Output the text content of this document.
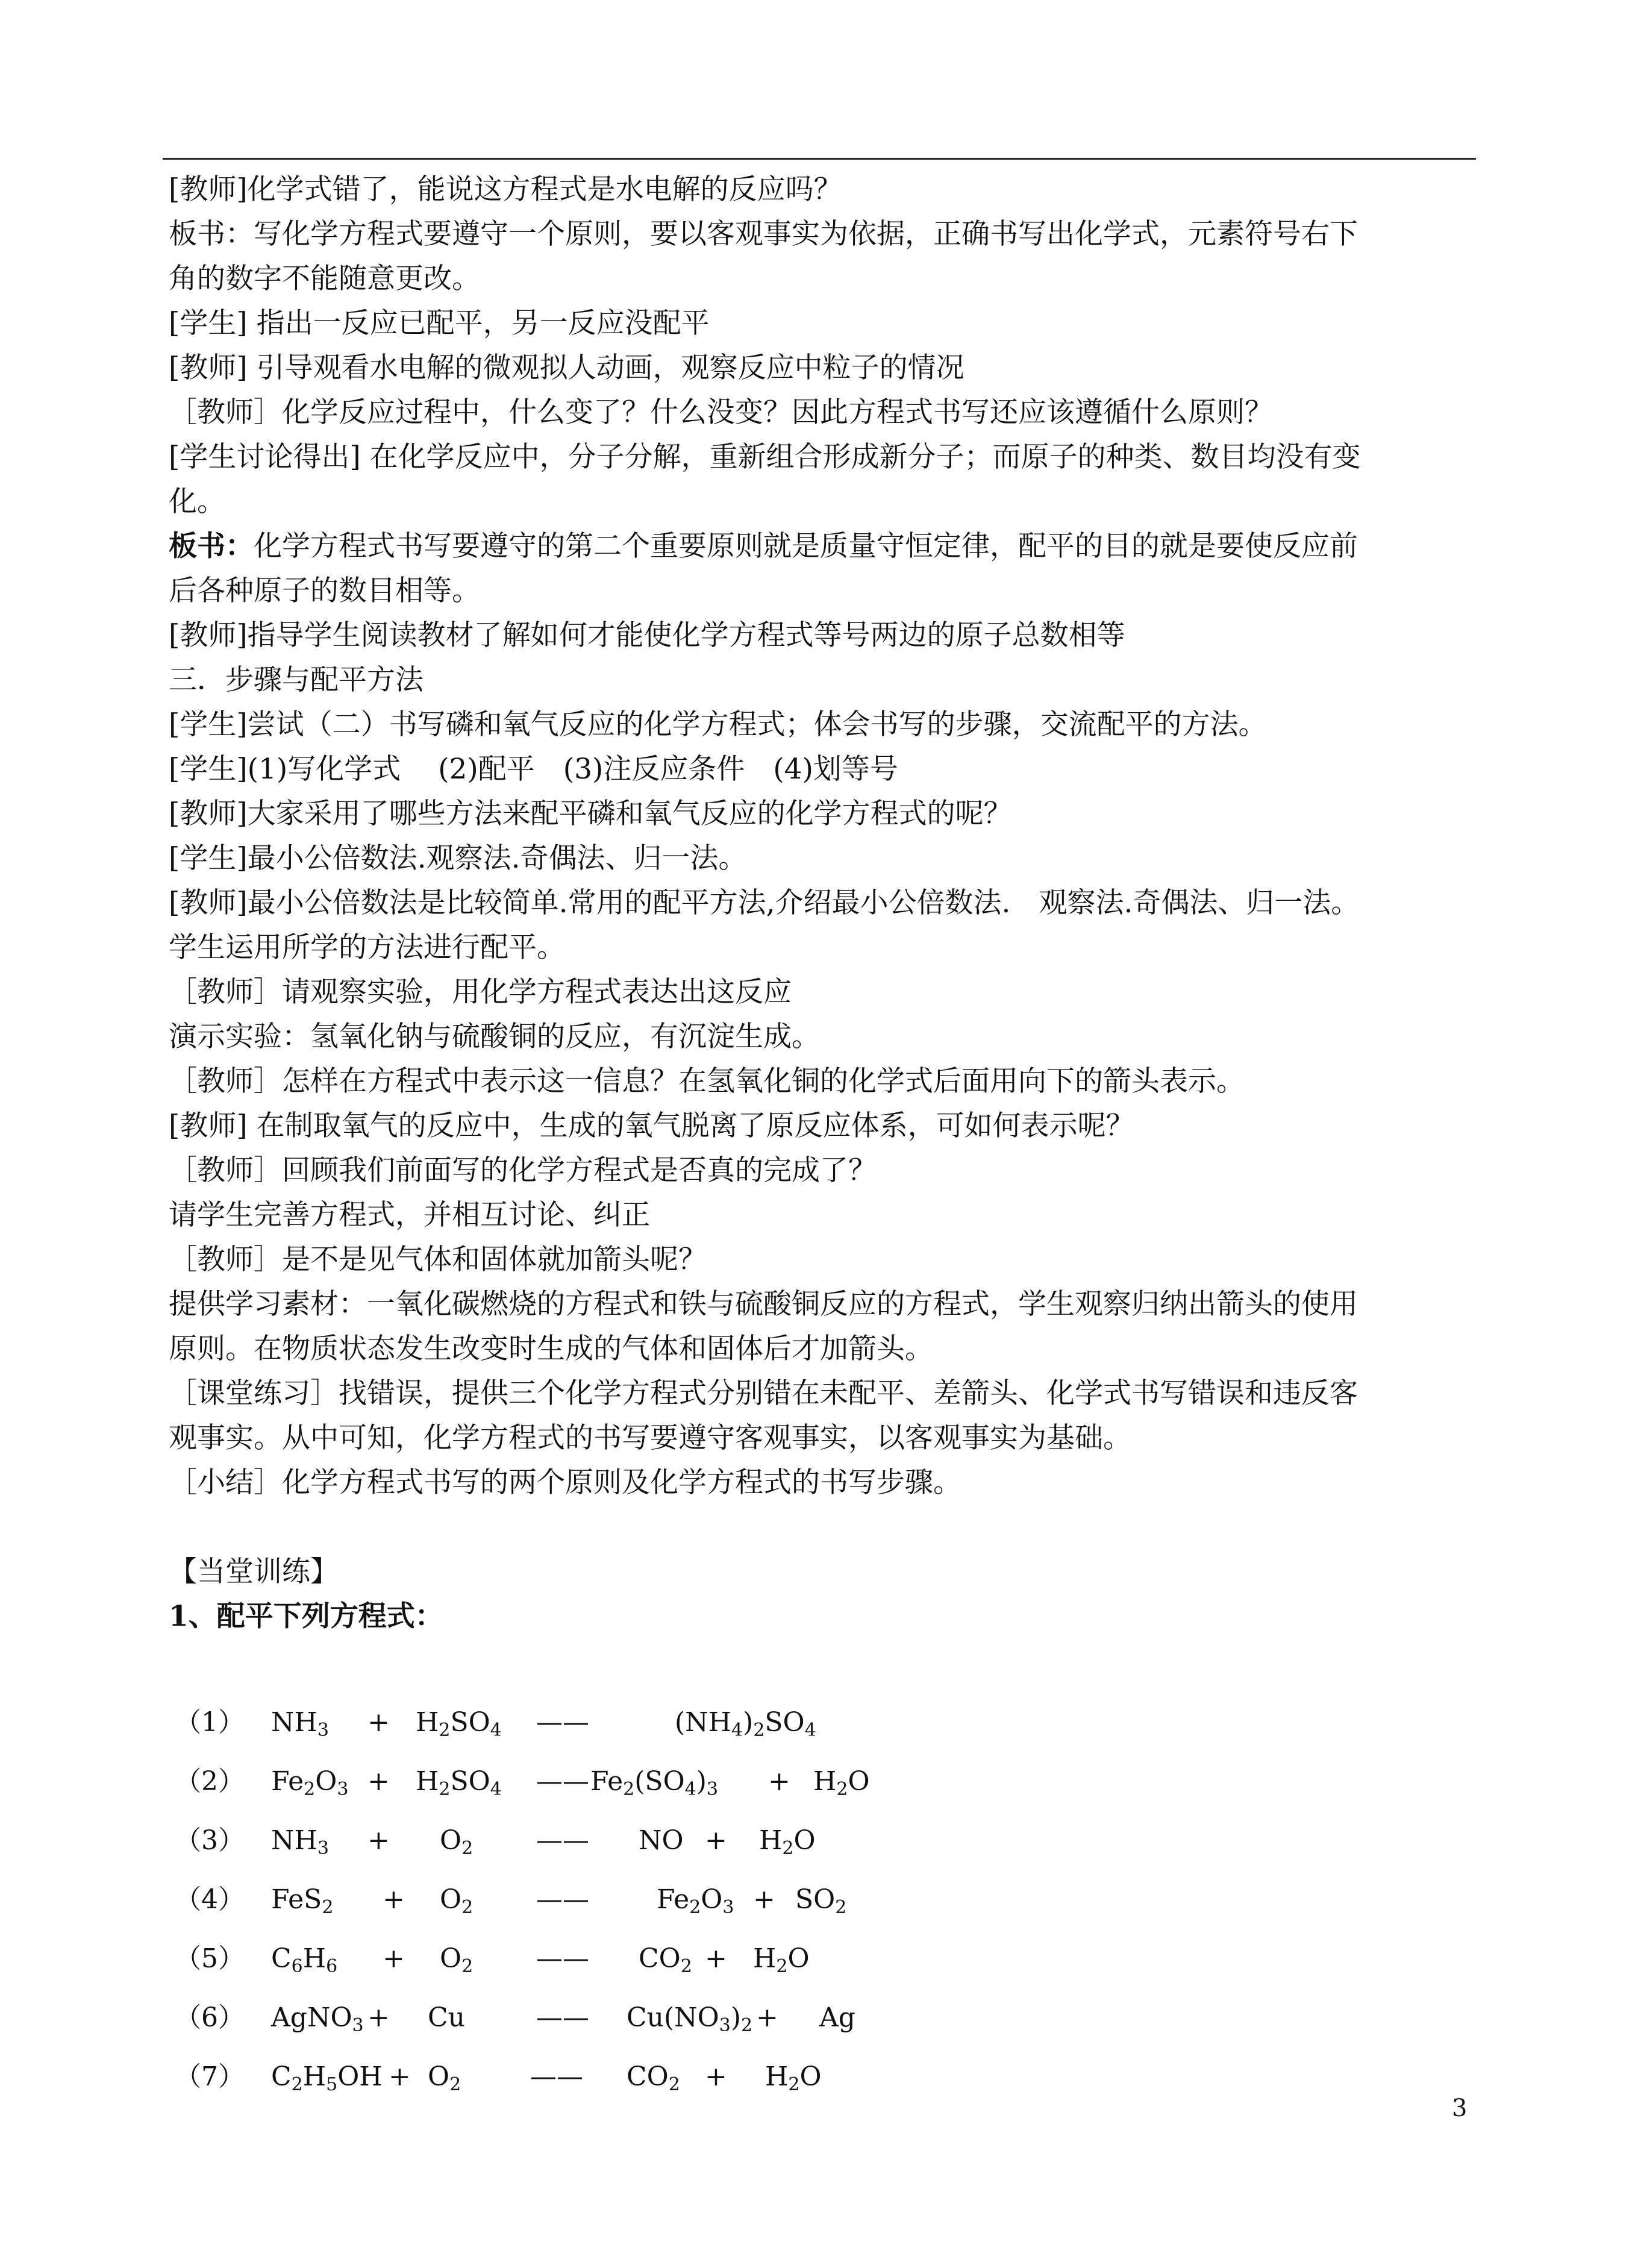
[教师]化学式错了，能说这方程式是水电解的反应吗？
板书：写化学方程式要遵守一个原则，要以客观事实为依据，正确书写出化学式，元素符号右下
角的数字不能随意更改。
[学生] 指出一反应已配平，另一反应没配平
[教师] 引导观看水电解的微观拟人动画，观察反应中粒子的情况
［教师］化学反应过程中，什么变了？什么没变？因此方程式书写还应该遵循什么原则？
[学生讨论得出] 在化学反应中，分子分解，重新组合形成新分子；而原子的种类、数目均没有变
化。
板书：化学方程式书写要遵守的第二个重要原则就是质量守恒定律，配平的目的就是要使反应前
后各种原子的数目相等。
[教师]指导学生阅读教材了解如何才能使化学方程式等号两边的原子总数相等
三．步骤与配平方法
[学生]尝试（二）书写磷和氧气反应的化学方程式；体会书写的步骤，交流配平的方法。
[学生](1)写化学式　 (2)配平　(3)注反应条件　(4)划等号
[教师]大家采用了哪些方法来配平磷和氧气反应的化学方程式的呢？
[学生]最小公倍数法.观察法.奇偶法、归一法。
[教师]最小公倍数法是比较简单.常用的配平方法,介绍最小公倍数法.　观察法.奇偶法、归一法。
学生运用所学的方法进行配平。
［教师］请观察实验，用化学方程式表达出这反应
演示实验：氢氧化钠与硫酸铜的反应，有沉淀生成。
［教师］怎样在方程式中表示这一信息？在氢氧化铜的化学式后面用向下的箭头表示。
[教师] 在制取氧气的反应中，生成的氧气脱离了原反应体系，可如何表示呢？
［教师］回顾我们前面写的化学方程式是否真的完成了？
请学生完善方程式，并相互讨论、纠正
［教师］是不是见气体和固体就加箭头呢？
提供学习素材：一氧化碳燃烧的方程式和铁与硫酸铜反应的方程式，学生观察归纳出箭头的使用
原则。在物质状态发生改变时生成的气体和固体后才加箭头。
［课堂练习］找错误，提供三个化学方程式分别错在未配平、差箭头、化学式书写错误和违反客
观事实。从中可知，化学方程式的书写要遵守客观事实，以客观事实为基础。
［小结］化学方程式书写的两个原则及化学方程式的书写步骤。
【当堂训练】
1、配平下列方程式：
（1） $NH_3 + H_2SO_4$ ——	$(NH_4)_2SO_4$
（2） $Fe_2O_3 + H_2SO_4$ —— $Fe_2(SO_4)_3 + H_2O$
（3） $NH_3 + O_2$ —— NO + $H_2O$
（4） $FeS_2 + O_2$ ——	$Fe_2O_3 + SO_2$
（5） $C_6H_6 + O_2$ —— $CO_2 + H_2O$
（6） AgNO$_3$ + Cu	—— $Cu(NO_3)_2 + Ag$
（7） $C_2H_5OH + O_2$	—— $CO_2 + H_2O$
3
